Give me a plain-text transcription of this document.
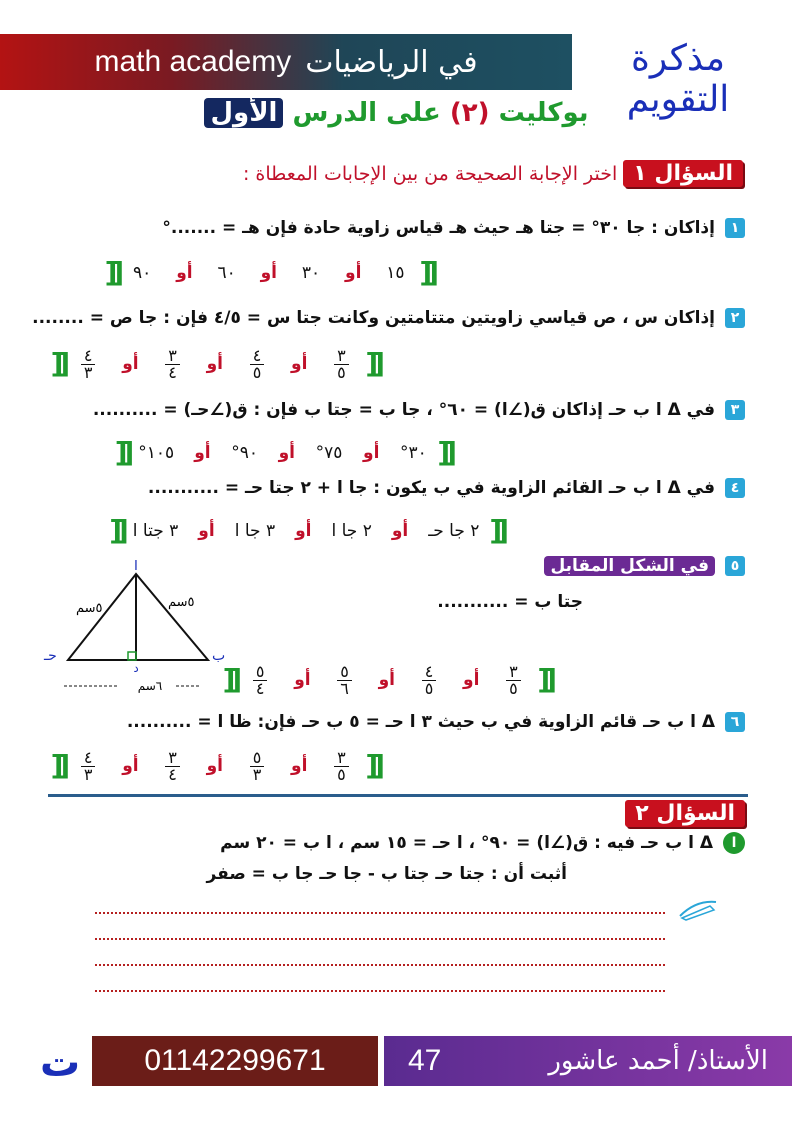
math academy في الرياضيات	مذكرة التقويم
بوكليت (٢) على الدرس الأول
السؤال ١
اختر الإجابة الصحيحة من بين الإجابات المعطاة :
١
إذاكان : جا ٣٠° = جتا هـ حيث هـ قياس زاوية حادة فإن هـ = .......°
[[
١٥
أو
٣٠
أو
٦٠
أو
٩٠
[[
٢
إذاكان س ، ص قياسي زاويتين متتامتين وكانت جتا س = ٤/٥ فإن : جا ص = ........
[[
$\frac{٣}{٥}$
أو
$\frac{٤}{٥}$
أو
$\frac{٣}{٤}$
أو
$\frac{٤}{٣}$
[[
٣
في Δ ا ب حـ إذاكان ق(∠ا) = ٦٠° ، جا ب = جتا ب فإن : ق(∠حـ) = ..........
[[
٣٠°
أو
٧٥°
أو
٩٠°
أو
١٠٥°
[[
٤
في Δ ا ب حـ القائم الزاوية في ب يكون : جا ا + ٢ جتا حـ = ...........
[[
٢ جا حـ
أو
٢ جا ا
أو
٣ جا ا
أو
٣ جتا ا
[[
٥
في الشكل المقابل
جتا ب = ...........
٦سم
ا
ب
حـ
د
٥سم
٥سم
[[
$\frac{٣}{٥}$
أو
$\frac{٤}{٥}$
أو
$\frac{٥}{٦}$
أو
$\frac{٥}{٤}$
[[
٦
Δ ا ب حـ قائم الزاوية في ب حيث ٣ ا حـ = ٥ ب حـ فإن: ظا ا = ..........
[[
$\frac{٣}{٥}$
أو
$\frac{٥}{٣}$
أو
$\frac{٣}{٤}$
أو
$\frac{٤}{٣}$
[[
السؤال ٢
ا
Δ ا ب حـ فيه : ق(∠ا) = ٩٠° ، ا حـ = ١٥ سم ، ا ب = ٢٠ سم
أثبت أن : جتا حـ جتا ب - جا حـ جا ب = صفر
ت	01142299671	47	الأستاذ/ أحمد عاشور
